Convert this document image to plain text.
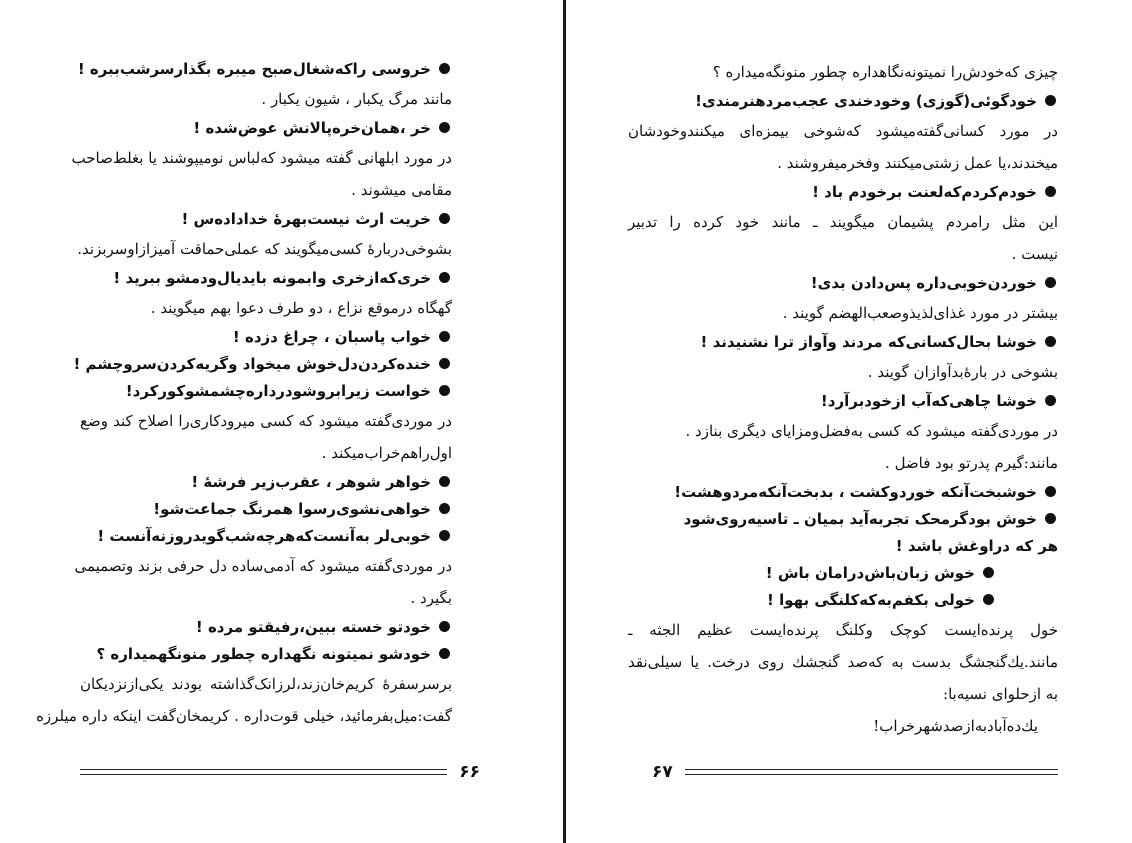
خروسی راکه‌شغال‌صبح میبره بگذارسرشب‌ببره !

مانند مرگ یکبار ، شیون یکبار .

خر ،همان‌خره‌پالانش عوض‌شده !

در مورد ابلهانی گفته میشود که‌لباس نومیپوشند یا بغلط‌صاحب

مقامی میشوند .

خریت ارث نیست‌بهرهٔ خداداده‌س !

بشوخی‌دربارهٔ کسی‌میگویند که عملی‌حماقت آمیزازاوسربزند.

خری‌که‌ازخری وابمونه بایدیال‌ودمشو ببرید !

گهگاه درموقع نزاع ، دو طرف دعوا بهم میگویند .

خواب پاسبان ، چراغ دزده !

خنده‌کردن‌دل‌خوش میخواد وگریه‌کردن‌سروچشم !

خواست زیرابروشودرداره‌چشمشوکورکرد!

در موردی‌گفته میشود که کسی میرودکاری‌را اصلاح کند وضع

اول‌راهم‌خراب‌میکند .

خواهر شوهر ، عقرب‌زیر فرشهٔ !

خواهی‌نشوی‌رسوا همرنگ جماعت‌شو!

خوبی‌لر به‌آنست‌که‌هرچه‌شب‌گویدروزنه‌آنست !

در موردی‌گفته میشود که آدمی‌ساده دل حرفی بزند وتصمیمی

بگیرد .

خودتو خسته ببین،رفیقتو مرده !

خودشو نمیتونه نگهداره چطور منونگهمیداره ؟

برسرسفرهٔ کریم‌خان‌زند،لرزانک‌گذاشته بودند یکی‌ازنزدیکان

گفت:میل‌بفرمائید، خیلی قوت‌داره . کریمخان‌گفت اینکه داره میلرزه

چیزی که‌خودش‌را نمیتونه‌نگاهداره چطور منونگه‌میداره ؟

خودگوئی(گوزی) وخودخندی عجب‌مردهنرمندی!

در مورد کسانی‌گفته‌میشود که‌شوخی بیمزه‌ای میکنندوخودشان

میخندند،یا عمل زشتی‌میکنند وفخرمیفروشند .

خودم‌کردم‌که‌لعنت برخودم باد !

این مثل رامردم پشیمان میگویند ـ مانند خود کرده را تدبیر

نیست .

خوردن‌خوبی‌داره پس‌دادن بدی!

بیشتر در مورد غذای‌لذیذوصعب‌الهضم گویند .

خوشا بحال‌کسانی‌که مردند وآواز ترا نشنیدند !

بشوخی در بارهٔ‌بدآوازان گویند .

خوشا چاهی‌که‌آب ازخودبرآرد!

در موردی‌گفته میشود که کسی به‌فضل‌ومزایای دیگری بنازد .

مانند:گیرم پدرتو بود فاضل .

خوشبخت‌آنکه خوردوکشت ، بدبخت‌آنکه‌مردوهشت!

خوش بودگرمحک تجربه‌آید بمیان ـ تاسیه‌روی‌شود

هر که دراوغش باشد !

خوش زبان‌باش‌درامان باش !

خولی بکفم‌به‌که‌کلنگی بهوا !

خول پرنده‌ایست کوچک وکلنگ پرنده‌ایست عظیم الجثه ـ

مانند.یك‌گنجشگ بدست به که‌صد گنجشك روی درخت. یا سیلی‌نقد

به ازحلوای نسیه‌با:

یك‌ده‌آبادبه‌ازصدشهرخراب!

۶۶	۶۷
